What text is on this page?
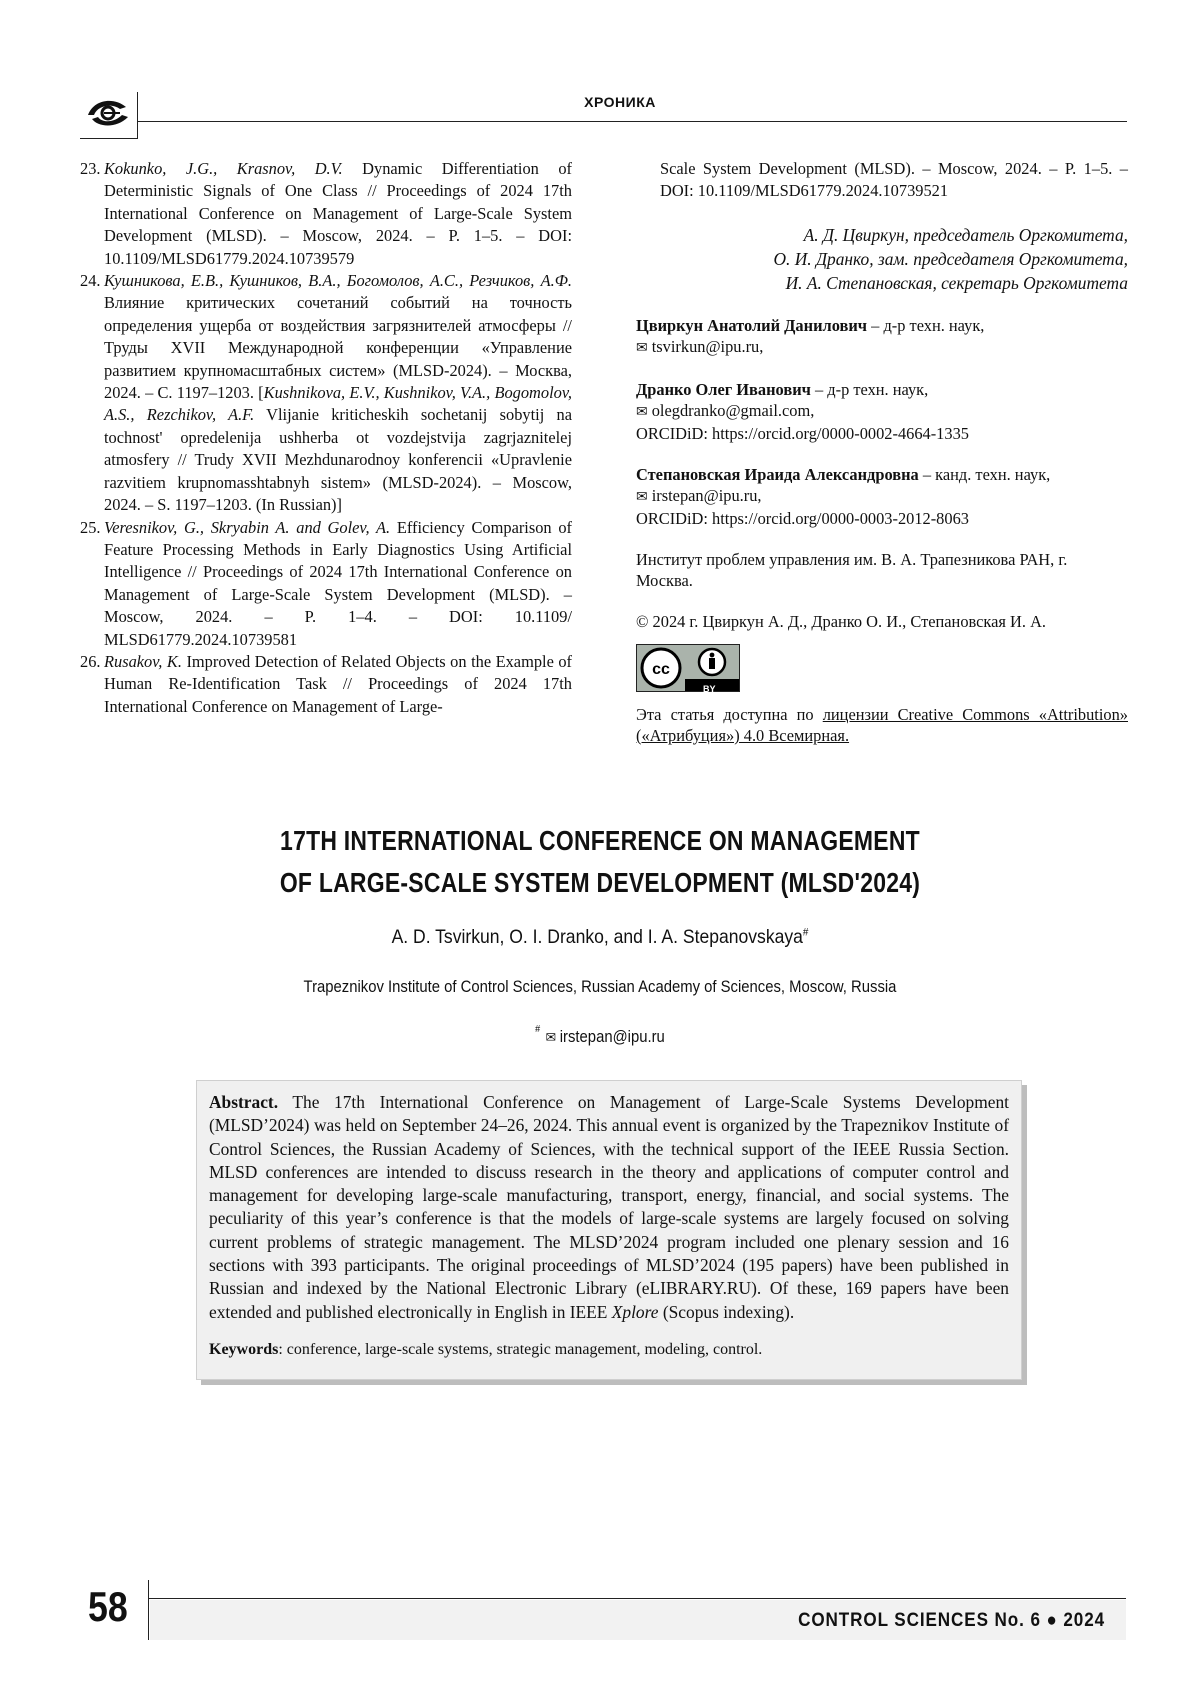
ХРОНИКА

23. Kokunko, J.G., Krasnov, D.V. Dynamic Differentiation of Deterministic Signals of One Class // Proceedings of 2024 17th International Conference on Management of Large-Scale System Development (MLSD). – Moscow, 2024. – P. 1–5. – DOI: 10.1109/MLSD61779.2024.10739579

24. Кушникова, Е.В., Кушников, В.А., Богомолов, А.С., Резчиков, А.Ф. Влияние критических сочетаний событий на точность определения ущерба от воздействия загрязнителей атмосферы // Труды XVII Международной конференции «Управление развитием крупномасштабных систем» (MLSD-2024). – Москва, 2024. – С. 1197–1203. [Kushnikova, E.V., Kushnikov, V.A., Bogomolov, A.S., Rezchikov, A.F. Vlijanie kriticheskih sochetanij sobytij na tochnost' opredelenija ushherba ot vozdejstvija zagrjaznitelej atmosfery // Trudy XVII Mezhdunarodnoy konferencii «Upravlenie razvitiem krupnomasshtabnyh sistem» (MLSD-2024). – Moscow, 2024. – S. 1197–1203. (In Russian)]

25. Veresnikov, G., Skryabin A. and Golev, A. Efficiency Comparison of Feature Processing Methods in Early Diagnostics Using Artificial Intelligence // Proceedings of 2024 17th International Conference on Management of Large-Scale System Development (MLSD). – Moscow, 2024. – P. 1–4. – DOI: 10.1109/ MLSD61779.2024.10739581

26. Rusakov, K. Improved Detection of Related Objects on the Example of Human Re-Identification Task // Proceedings of 2024 17th International Conference on Management of Large-

Scale System Development (MLSD). – Moscow, 2024. – P. 1–5. – DOI: 10.1109/MLSD61779.2024.10739521

А. Д. Цвиркун, председатель Оргкомитета,
О. И. Дранко, зам. председателя Оргкомитета,
И. А. Степановская, секретарь Оргкомитета
Цвиркун Анатолий Данилович – д-р техн. наук,
✉ tsvirkun@ipu.ru,
Дранко Олег Иванович – д-р техн. наук,
✉ olegdranko@gmail.com,
ORCIDiD: https://orcid.org/0000-0002-4664-1335
Степановская Ираида Александровна – канд. техн. наук,
✉ irstepan@ipu.ru,
ORCIDiD: https://orcid.org/0000-0003-2012-8063
Институт проблем управления им. В. А. Трапезникова РАН, г. Москва.
© 2024 г. Цвиркун А. Д., Дранко О. И., Степановская И. А.
cc
BY
Эта статья доступна по лицензии Creative Commons «Attribution» («Атрибуция») 4.0 Всемирная.
17TH INTERNATIONAL CONFERENCE ON MANAGEMENT
OF LARGE-SCALE SYSTEM DEVELOPMENT (MLSD'2024)
A. D. Tsvirkun, O. I. Dranko, and I. A. Stepanovskaya#
Trapeznikov Institute of Control Sciences, Russian Academy of Sciences, Moscow, Russia
#✉ irstepan@ipu.ru
Abstract. The 17th International Conference on Management of Large-Scale Systems Development (MLSD’2024) was held on September 24–26, 2024. This annual event is organized by the Trapeznikov Institute of Control Sciences, the Russian Academy of Sciences, with the technical support of the IEEE Russia Section. MLSD conferences are intended to discuss research in the theory and applications of computer control and management for developing large-scale manufacturing, transport, energy, financial, and social systems. The peculiarity of this year’s conference is that the models of large-scale systems are largely focused on solving current problems of strategic management. The MLSD’2024 program included one plenary session and 16 sections with 393 participants. The original proceedings of MLSD’2024 (195 papers) have been published in Russian and indexed by the National Electronic Library (eLIBRARY.RU). Of these, 169 papers have been extended and published electronically in English in IEEE Xplore (Scopus indexing).
Keywords: conference, large-scale systems, strategic management, modeling, control.
58	CONTROL SCIENCES No. 6 ● 2024
